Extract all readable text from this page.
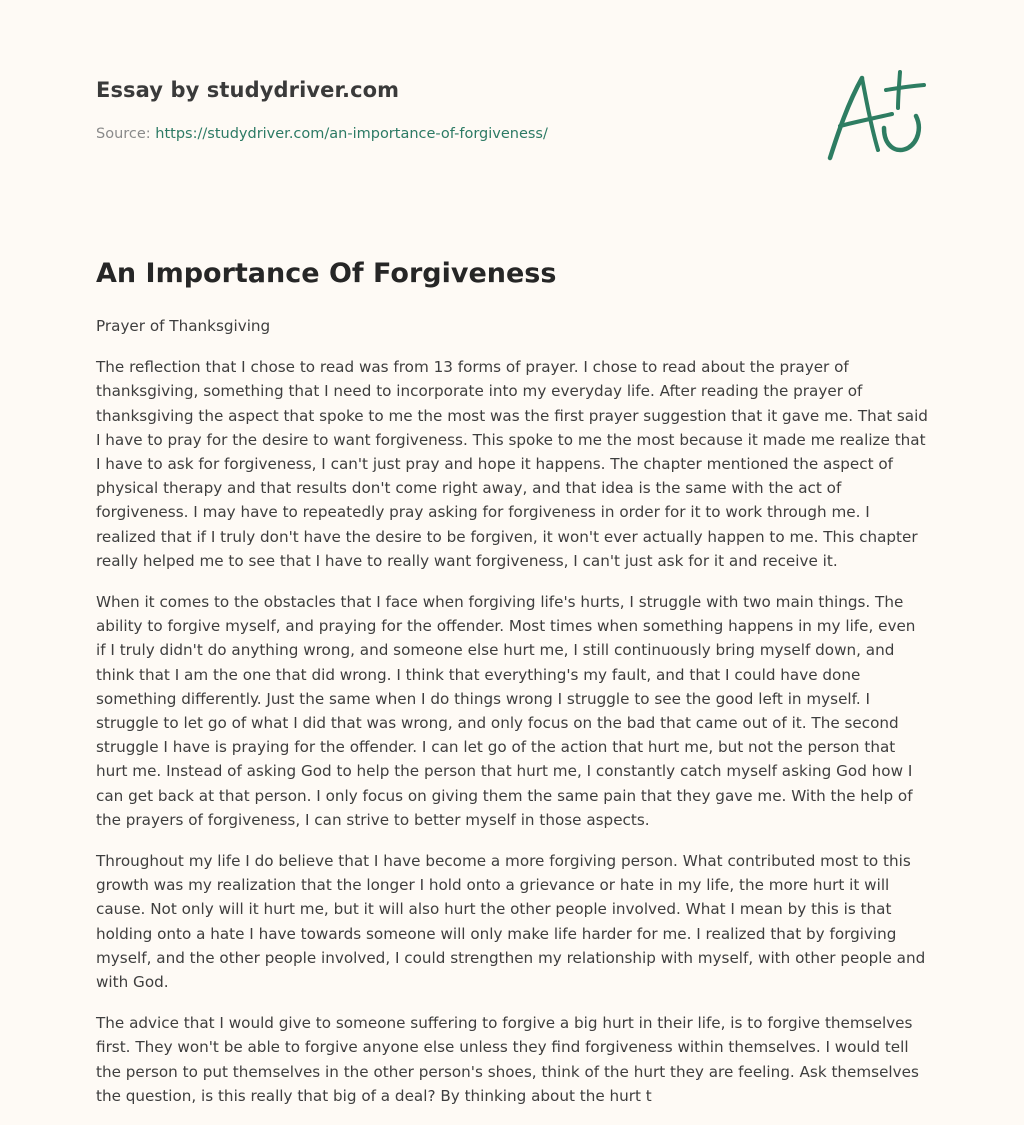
Essay by studydriver.com
Source: https://studydriver.com/an-importance-of-forgiveness/
An Importance Of Forgiveness

Prayer of Thanksgiving

The reflection that I chose to read was from 13 forms of prayer. I chose to read about the prayer of thanksgiving, something that I need to incorporate into my everyday life. After reading the prayer of thanksgiving the aspect that spoke to me the most was the first prayer suggestion that it gave me. That said I have to pray for the desire to want forgiveness. This spoke to me the most because it made me realize that I have to ask for forgiveness, I can't just pray and hope it happens. The chapter mentioned the aspect of physical therapy and that results don't come right away, and that idea is the same with the act of forgiveness. I may have to repeatedly pray asking for forgiveness in order for it to work through me. I realized that if I truly don't have the desire to be forgiven, it won't ever actually happen to me. This chapter really helped me to see that I have to really want forgiveness, I can't just ask for it and receive it.

When it comes to the obstacles that I face when forgiving life's hurts, I struggle with two main things. The ability to forgive myself, and praying for the offender. Most times when something happens in my life, even if I truly didn't do anything wrong, and someone else hurt me, I still continuously bring myself down, and think that I am the one that did wrong. I think that everything's my fault, and that I could have done something differently. Just the same when I do things wrong I struggle to see the good left in myself. I struggle to let go of what I did that was wrong, and only focus on the bad that came out of it. The second struggle I have is praying for the offender. I can let go of the action that hurt me, but not the person that hurt me. Instead of asking God to help the person that hurt me, I constantly catch myself asking God how I can get back at that person. I only focus on giving them the same pain that they gave me. With the help of the prayers of forgiveness, I can strive to better myself in those aspects.

Throughout my life I do believe that I have become a more forgiving person. What contributed most to this growth was my realization that the longer I hold onto a grievance or hate in my life, the more hurt it will cause. Not only will it hurt me, but it will also hurt the other people involved. What I mean by this is that holding onto a hate I have towards someone will only make life harder for me. I realized that by forgiving myself, and the other people involved, I could strengthen my relationship with myself, with other people and with God.

The advice that I would give to someone suffering to forgive a big hurt in their life, is to forgive themselves first. They won't be able to forgive anyone else unless they find forgiveness within themselves. I would tell the person to put themselves in the other person's shoes, think of the hurt they are feeling. Ask themselves the question, is this really that big of a deal? By thinking about the hurt t
